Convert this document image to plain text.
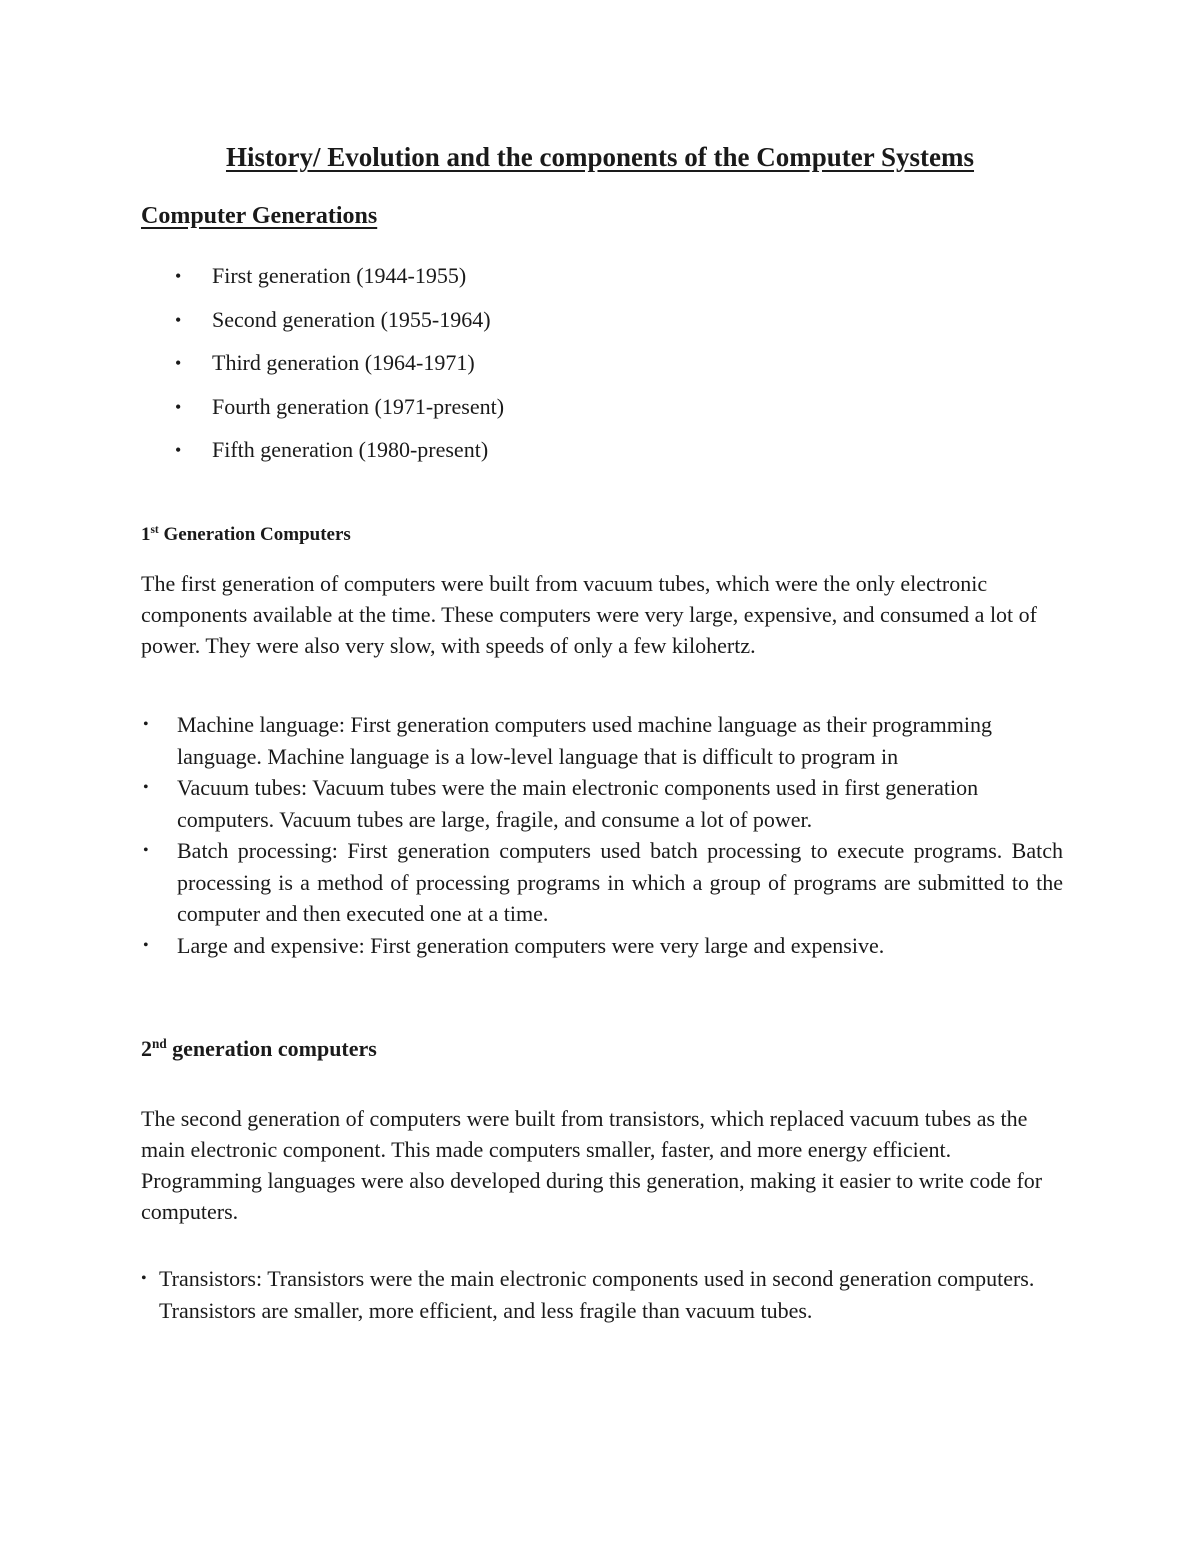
History/ Evolution and the components of the Computer Systems
Computer Generations
• First generation (1944-1955)
• Second generation (1955-1964)
• Third generation (1964-1971)
• Fourth generation (1971-present)
• Fifth generation (1980-present)
1st Generation Computers

The first generation of computers were built from vacuum tubes, which were the only electronic components available at the time. These computers were very large, expensive, and consumed a lot of power. They were also very slow, with speeds of only a few kilohertz.

• Machine language: First generation computers used machine language as their programming language. Machine language is a low-level language that is difficult to program in
• Vacuum tubes: Vacuum tubes were the main electronic components used in first generation computers. Vacuum tubes are large, fragile, and consume a lot of power.
• Batch processing: First generation computers used batch processing to execute programs. Batch processing is a method of processing programs in which a group of programs are submitted to the computer and then executed one at a time.
• Large and expensive: First generation computers were very large and expensive.
2nd generation computers

The second generation of computers were built from transistors, which replaced vacuum tubes as the main electronic component. This made computers smaller, faster, and more energy efficient. Programming languages were also developed during this generation, making it easier to write code for computers.

• Transistors: Transistors were the main electronic components used in second generation computers. Transistors are smaller, more efficient, and less fragile than vacuum tubes.
